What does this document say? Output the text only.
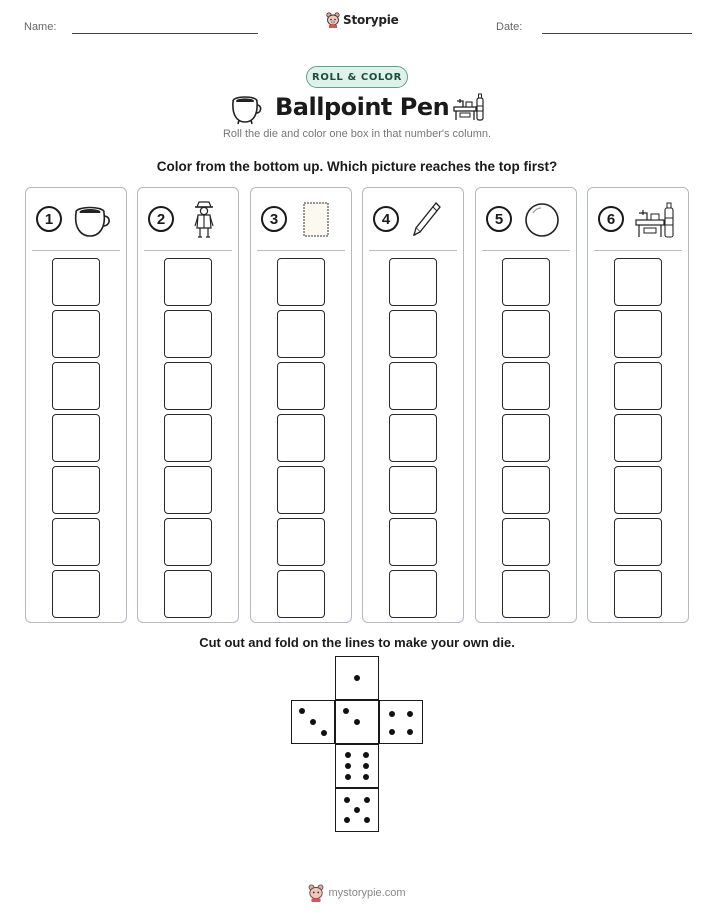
Name:	Storypie	Date:
ROLL & COLOR
Ballpoint Pen
Roll the die and color one box in that number's column.
Color from the bottom up. Which picture reaches the top first?
1	2	3	4	5	6
Cut out and fold on the lines to make your own die.
mystorypie.com
